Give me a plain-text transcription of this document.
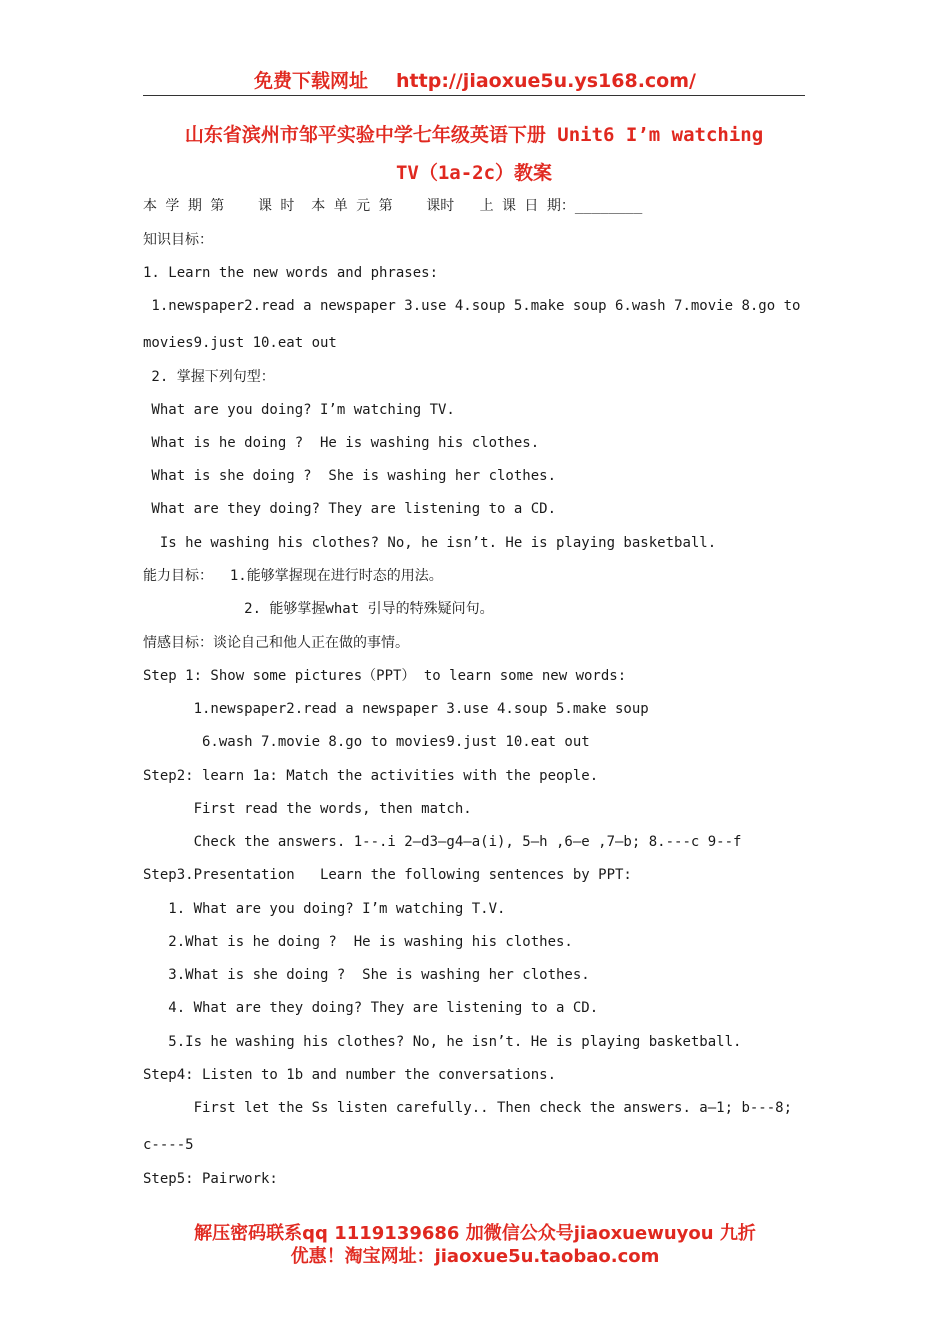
免费下载网址 http://jiaoxue5u.ys168.com/
山东省滨州市邹平实验中学七年级英语下册 Unit6 I’m watching
TV（1a-2c）教案
本 学 期 第    课 时  本 单 元 第    课时   上 课 日 期：________
知识目标：
1. Learn the new words and phrases:
1.newspaper2.read a newspaper 3.use 4.soup 5.make soup 6.wash 7.movie 8.go to
movies9.just 10.eat out
2. 掌握下列句型：
What are you doing? I’m watching TV.
What is he doing ?  He is washing his clothes.
What is she doing ?  She is washing her clothes.
What are they doing? They are listening to a CD.
Is he washing his clothes? No, he isn’t. He is playing basketball.
能力目标：  1.能够掌握现在进行时态的用法。
2. 能够掌握what 引导的特殊疑问句。
情感目标：谈论自己和他人正在做的事情。
Step 1: Show some pictures（PPT） to learn some new words:
1.newspaper2.read a newspaper 3.use 4.soup 5.make soup
6.wash 7.movie 8.go to movies9.just 10.eat out
Step2: learn 1a: Match the activities with the people.
First read the words, then match.
Check the answers. 1--.i 2—d3—g4—a(i), 5—h ,6—e ,7—b; 8.---c 9--f
Step3.Presentation   Learn the following sentences by PPT:
1. What are you doing? I’m watching T.V.
2.What is he doing ?  He is washing his clothes.
3.What is she doing ?  She is washing her clothes.
4. What are they doing? They are listening to a CD.
5.Is he washing his clothes? No, he isn’t. He is playing basketball.
Step4: Listen to 1b and number the conversations.
First let the Ss listen carefully.. Then check the answers. a—1; b---8;
c----5
Step5: Pairwork:
解压密码联系qq 1119139686 加微信公众号jiaoxuewuyou 九折
优惠！淘宝网址：jiaoxue5u.taobao.com
